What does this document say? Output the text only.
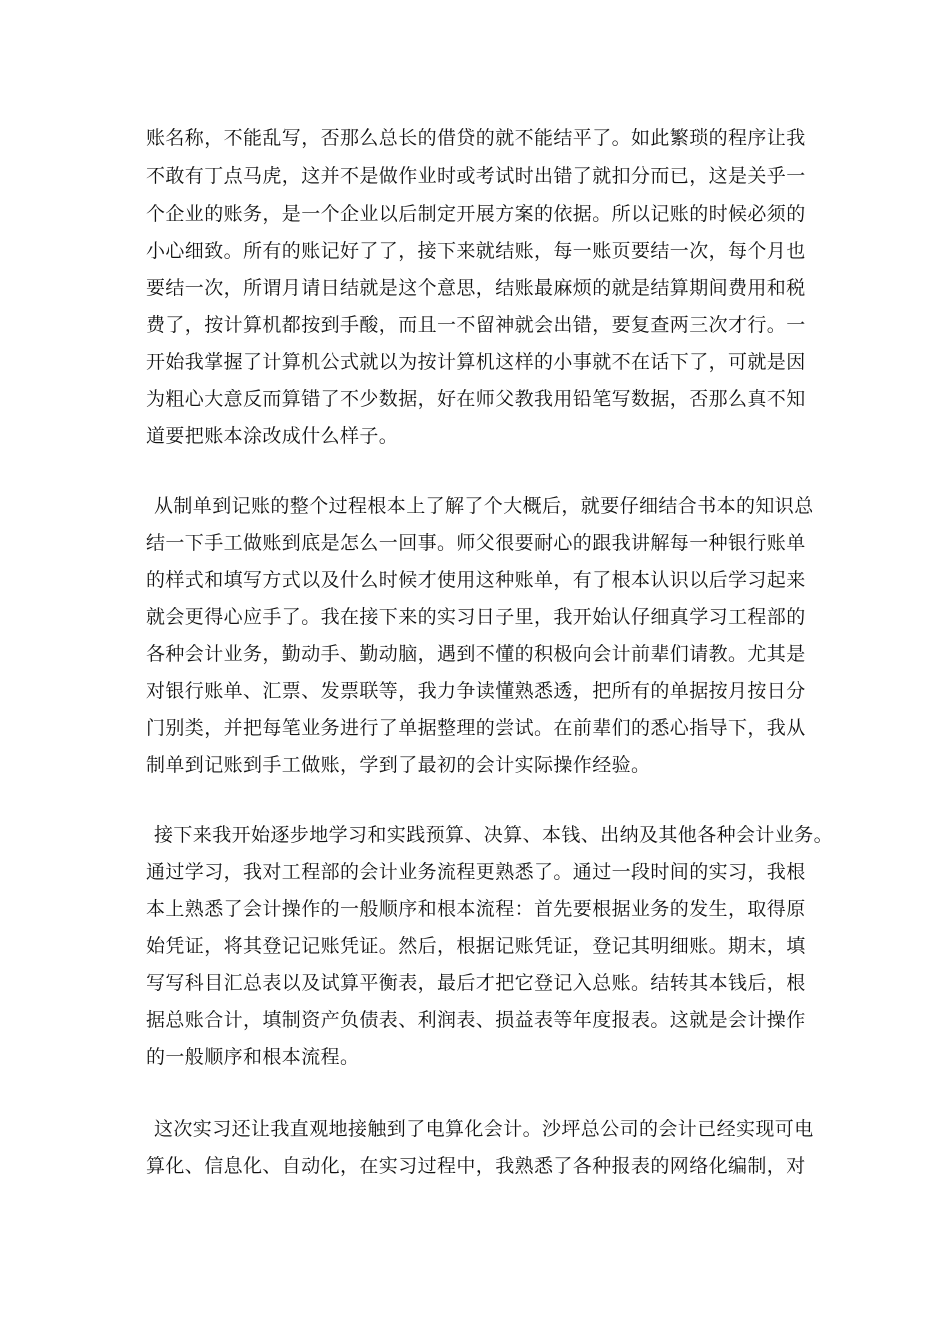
账名称，不能乱写，否那么总长的借贷的就不能结平了。如此繁琐的程序让我
不敢有丁点马虎，这并不是做作业时或考试时出错了就扣分而已，这是关乎一
个企业的账务，是一个企业以后制定开展方案的依据。所以记账的时候必须的
小心细致。所有的账记好了了，接下来就结账，每一账页要结一次，每个月也
要结一次，所谓月请日结就是这个意思，结账最麻烦的就是结算期间费用和税
费了，按计算机都按到手酸，而且一不留神就会出错，要复查两三次才行。一
开始我掌握了计算机公式就以为按计算机这样的小事就不在话下了，可就是因
为粗心大意反而算错了不少数据，好在师父教我用铅笔写数据，否那么真不知
道要把账本涂改成什么样子。
从制单到记账的整个过程根本上了解了个大概后，就要仔细结合书本的知识总
结一下手工做账到底是怎么一回事。师父很要耐心的跟我讲解每一种银行账单
的样式和填写方式以及什么时候才使用这种账单，有了根本认识以后学习起来
就会更得心应手了。我在接下来的实习日子里，我开始认仔细真学习工程部的
各种会计业务，勤动手、勤动脑，遇到不懂的积极向会计前辈们请教。尤其是
对银行账单、汇票、发票联等，我力争读懂熟悉透，把所有的单据按月按日分
门别类，并把每笔业务进行了单据整理的尝试。在前辈们的悉心指导下，我从
制单到记账到手工做账，学到了最初的会计实际操作经验。
接下来我开始逐步地学习和实践预算、决算、本钱、出纳及其他各种会计业务。
通过学习，我对工程部的会计业务流程更熟悉了。通过一段时间的实习，我根
本上熟悉了会计操作的一般顺序和根本流程：首先要根据业务的发生，取得原
始凭证，将其登记记账凭证。然后，根据记账凭证，登记其明细账。期末，填
写写科目汇总表以及试算平衡表，最后才把它登记入总账。结转其本钱后，根
据总账合计，填制资产负债表、利润表、损益表等年度报表。这就是会计操作
的一般顺序和根本流程。
这次实习还让我直观地接触到了电算化会计。沙坪总公司的会计已经实现可电
算化、信息化、自动化，在实习过程中，我熟悉了各种报表的网络化编制，对
